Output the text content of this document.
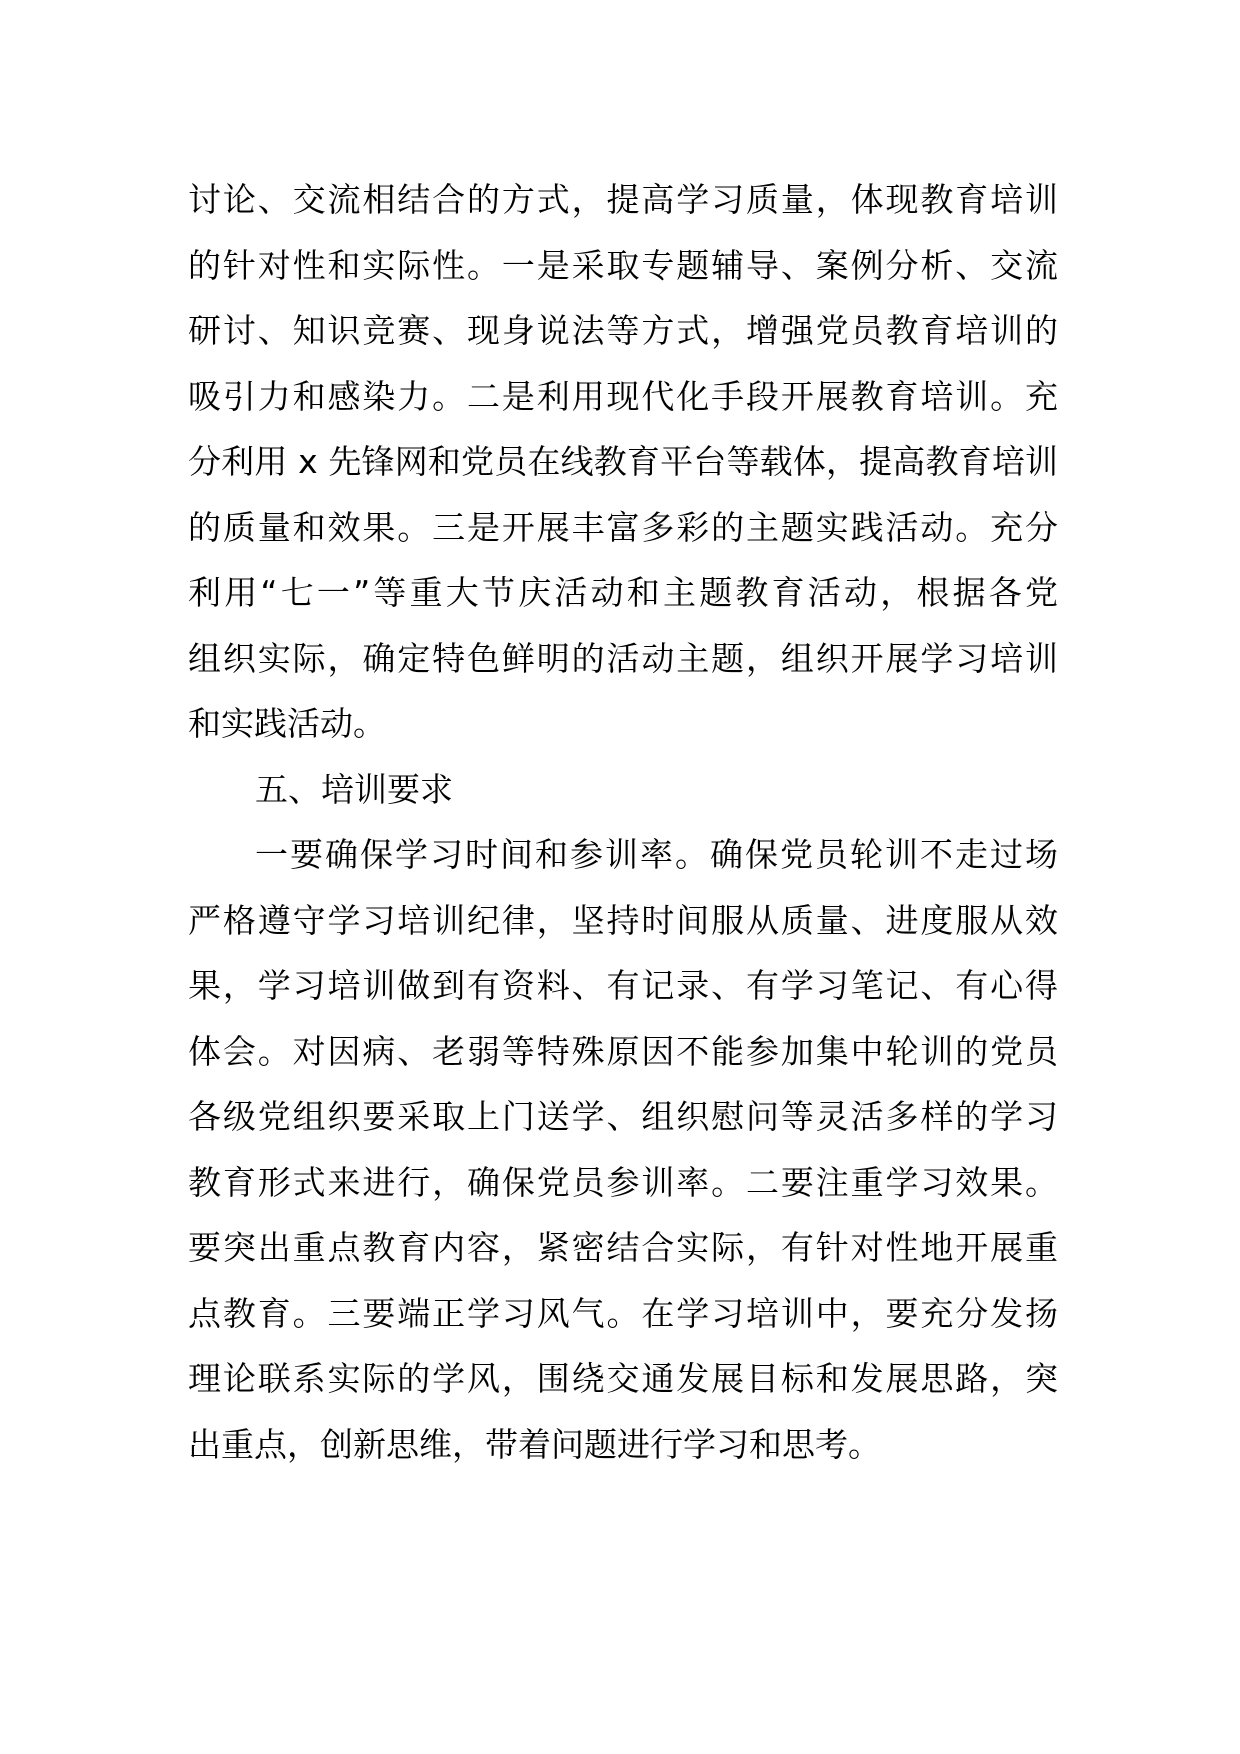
讨论、交流相结合的方式，提高学习质量，体现教育培训
的针对性和实际性。一是采取专题辅导、案例分析、交流
研讨、知识竞赛、现身说法等方式，增强党员教育培训的
吸引力和感染力。二是利用现代化手段开展教育培训。充
分利用 x 先锋网和党员在线教育平台等载体，提高教育培训
的质量和效果。三是开展丰富多彩的主题实践活动。充分
利用“七一”等重大节庆活动和主题教育活动，根据各党
组织实际，确定特色鲜明的活动主题，组织开展学习培训
和实践活动。
五、培训要求
一要确保学习时间和参训率。确保党员轮训不走过场
严格遵守学习培训纪律，坚持时间服从质量、进度服从效
果，学习培训做到有资料、有记录、有学习笔记、有心得
体会。对因病、老弱等特殊原因不能参加集中轮训的党员
各级党组织要采取上门送学、组织慰问等灵活多样的学习
教育形式来进行，确保党员参训率。二要注重学习效果。
要突出重点教育内容，紧密结合实际，有针对性地开展重
点教育。三要端正学习风气。在学习培训中，要充分发扬
理论联系实际的学风，围绕交通发展目标和发展思路，突
出重点，创新思维，带着问题进行学习和思考。
